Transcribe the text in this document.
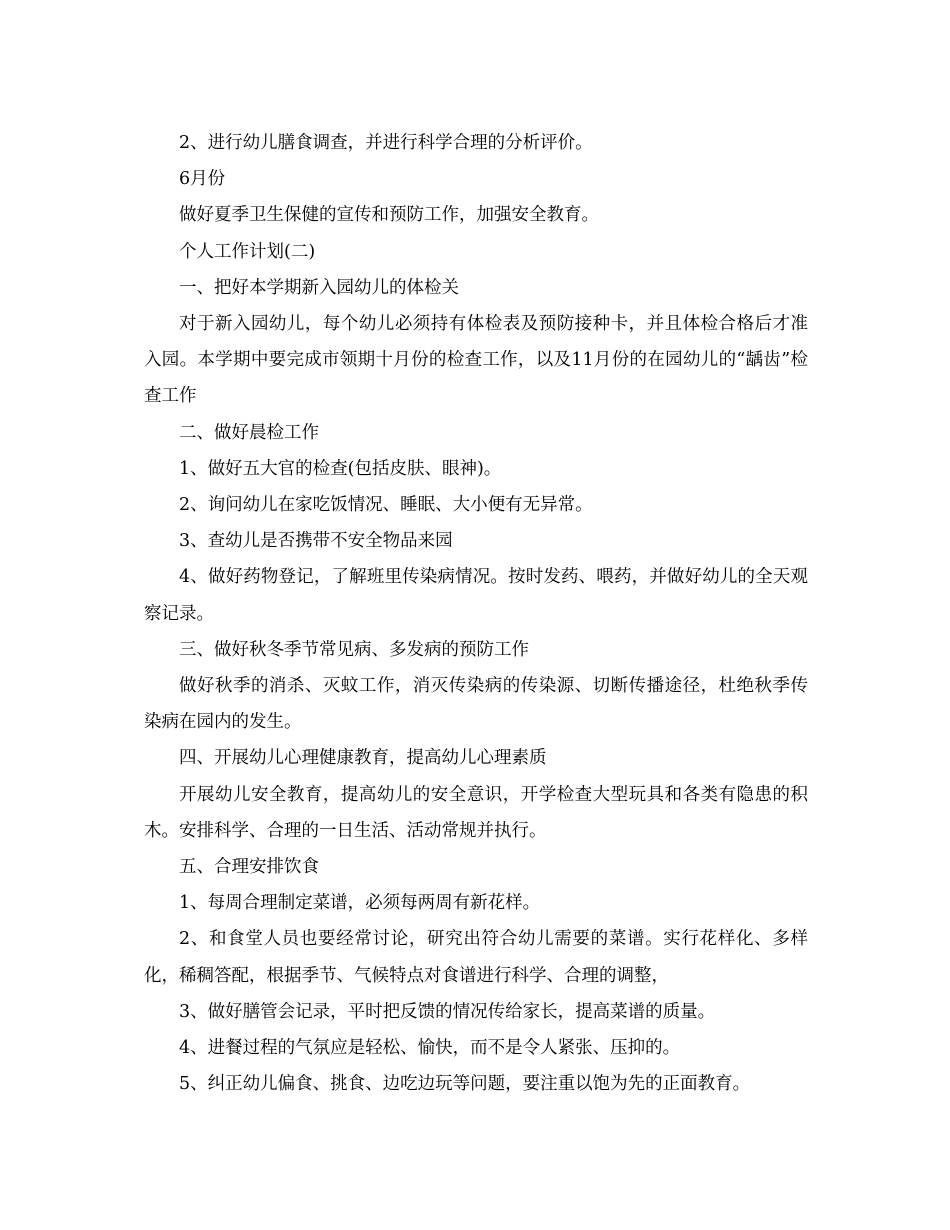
2、进行幼儿膳食调查，并进行科学合理的分析评价。

6月份

做好夏季卫生保健的宣传和预防工作，加强安全教育。

个人工作计划(二)

一、把好本学期新入园幼儿的体检关

对于新入园幼儿，每个幼儿必须持有体检表及预防接种卡，并且体检合格后才准入园。本学期中要完成市领期十月份的检查工作，以及11月份的在园幼儿的“龋齿”检查工作

二、做好晨检工作

1、做好五大官的检查(包括皮肤、眼神)。

2、询问幼儿在家吃饭情况、睡眠、大小便有无异常。

3、查幼儿是否携带不安全物品来园

4、做好药物登记，了解班里传染病情况。按时发药、喂药，并做好幼儿的全天观察记录。

三、做好秋冬季节常见病、多发病的预防工作

做好秋季的消杀、灭蚊工作，消灭传染病的传染源、切断传播途径，杜绝秋季传染病在园内的发生。

四、开展幼儿心理健康教育，提高幼儿心理素质

开展幼儿安全教育，提高幼儿的安全意识，开学检查大型玩具和各类有隐患的积木。安排科学、合理的一日生活、活动常规并执行。

五、合理安排饮食

1、每周合理制定菜谱，必须每两周有新花样。

2、和食堂人员也要经常讨论，研究出符合幼儿需要的菜谱。实行花样化、多样化，稀稠答配，根据季节、气候特点对食谱进行科学、合理的调整，

3、做好膳管会记录，平时把反馈的情况传给家长，提高菜谱的质量。

4、进餐过程的气氛应是轻松、愉快，而不是令人紧张、压抑的。

5、纠正幼儿偏食、挑食、边吃边玩等问题，要注重以饱为先的正面教育。
